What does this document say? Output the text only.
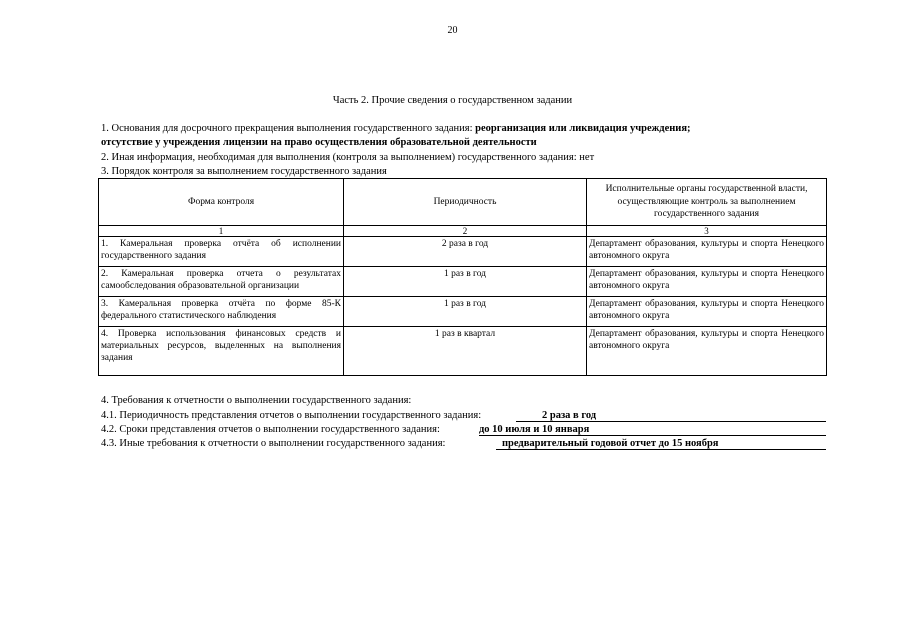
20
Часть 2. Прочие сведения о государственном задании
1. Основания для досрочного прекращения выполнения государственного задания: реорганизация или ликвидация учреждения;
отсутствие у учреждения лицензии на право осуществления образовательной деятельности
2. Иная информация, необходимая для выполнения (контроля за выполнением) государственного задания: нет
3. Порядок контроля за выполнением государственного задания
Форма контроля	Периодичность	Исполнительные органы государственной власти, осуществляющие контроль за выполнением государственного задания
1	2	3
1. Камеральная проверка отчёта об исполнении государственного задания	2 раза в год	Департамент образования, культуры и спорта Ненецкого автономного округа
2. Камеральная проверка отчета о результатах самообследования образовательной организации	1 раз в год	Департамент образования, культуры и спорта Ненецкого автономного округа
3. Камеральная проверка отчёта по форме 85-К федерального статистического наблюдения	1 раз в год	Департамент образования, культуры и спорта Ненецкого автономного округа
4. Проверка использования финансовых средств и материальных ресурсов, выделенных на выполнения задания	1 раз в квартал	Департамент образования, культуры и спорта Ненецкого автономного округа
4. Требования к отчетности о выполнении государственного задания:
4.1. Периодичность представления отчетов о выполнении государственного задания:	2 раза в год
4.2. Сроки представления отчетов о выполнении государственного задания:	до 10 июля и 10 января
4.3. Иные требования к отчетности о выполнении государственного задания:	предварительный годовой отчет до 15 ноября
